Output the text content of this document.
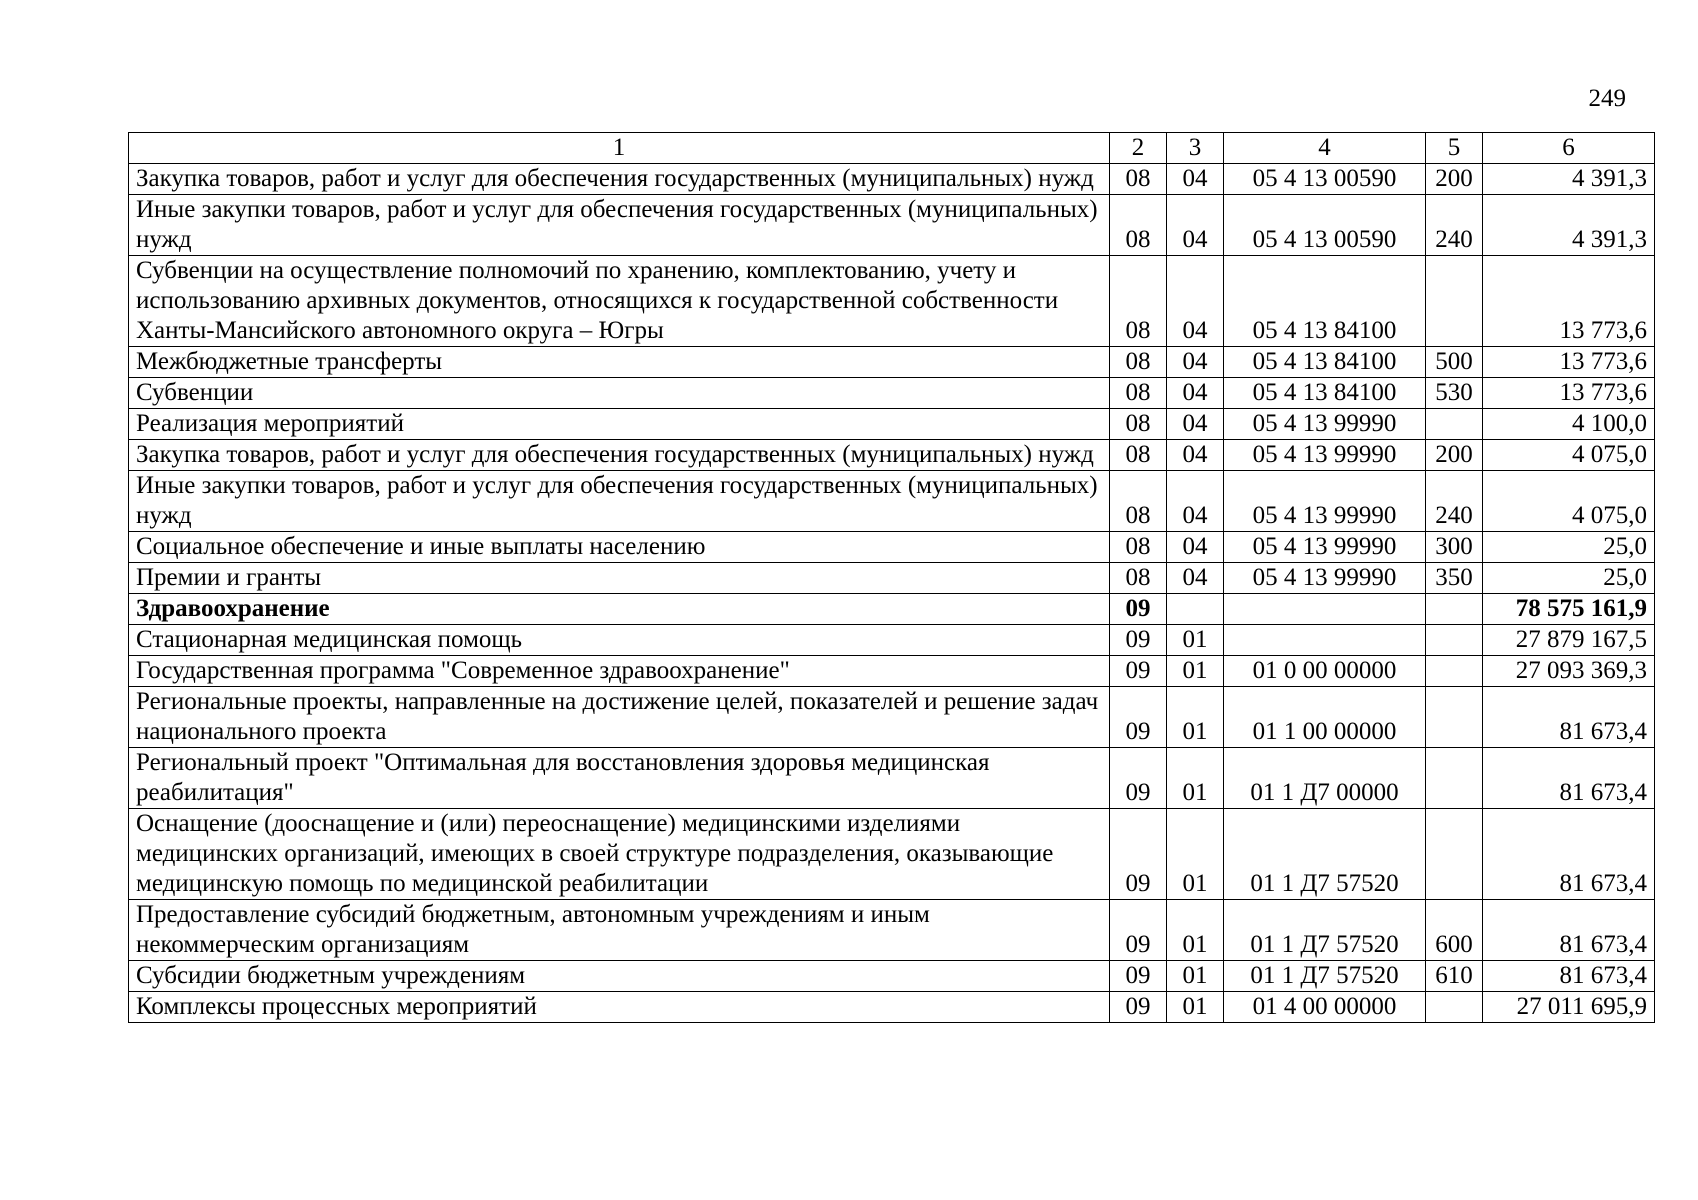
249
1	2	3	4	5	6
Закупка товаров, работ и услуг для обеспечения государственных (муниципальных) нужд	08	04	05 4 13 00590	200	4 391,3
Иные закупки товаров, работ и услуг для обеспечения государственных (муниципальных) нужд	08	04	05 4 13 00590	240	4 391,3
Субвенции на осуществление полномочий по хранению, комплектованию, учету и использованию архивных документов, относящихся к государственной собственности Ханты-Мансийского автономного округа – Югры	08	04	05 4 13 84100		13 773,6
Межбюджетные трансферты	08	04	05 4 13 84100	500	13 773,6
Субвенции	08	04	05 4 13 84100	530	13 773,6
Реализация мероприятий	08	04	05 4 13 99990		4 100,0
Закупка товаров, работ и услуг для обеспечения государственных (муниципальных) нужд	08	04	05 4 13 99990	200	4 075,0
Иные закупки товаров, работ и услуг для обеспечения государственных (муниципальных) нужд	08	04	05 4 13 99990	240	4 075,0
Социальное обеспечение и иные выплаты населению	08	04	05 4 13 99990	300	25,0
Премии и гранты	08	04	05 4 13 99990	350	25,0
Здравоохранение	09				78 575 161,9
Стационарная медицинская помощь	09	01			27 879 167,5
Государственная программа "Современное здравоохранение"	09	01	01 0 00 00000		27 093 369,3
Региональные проекты, направленные на достижение целей, показателей и решение задач национального проекта	09	01	01 1 00 00000		81 673,4
Региональный проект "Оптимальная для восстановления здоровья медицинская реабилитация"	09	01	01 1 Д7 00000		81 673,4
Оснащение (дооснащение и (или) переоснащение) медицинскими изделиями медицинских организаций, имеющих в своей структуре подразделения, оказывающие медицинскую помощь по медицинской реабилитации	09	01	01 1 Д7 57520		81 673,4
Предоставление субсидий бюджетным, автономным учреждениям и иным некоммерческим организациям	09	01	01 1 Д7 57520	600	81 673,4
Субсидии бюджетным учреждениям	09	01	01 1 Д7 57520	610	81 673,4
Комплексы процессных мероприятий	09	01	01 4 00 00000		27 011 695,9
